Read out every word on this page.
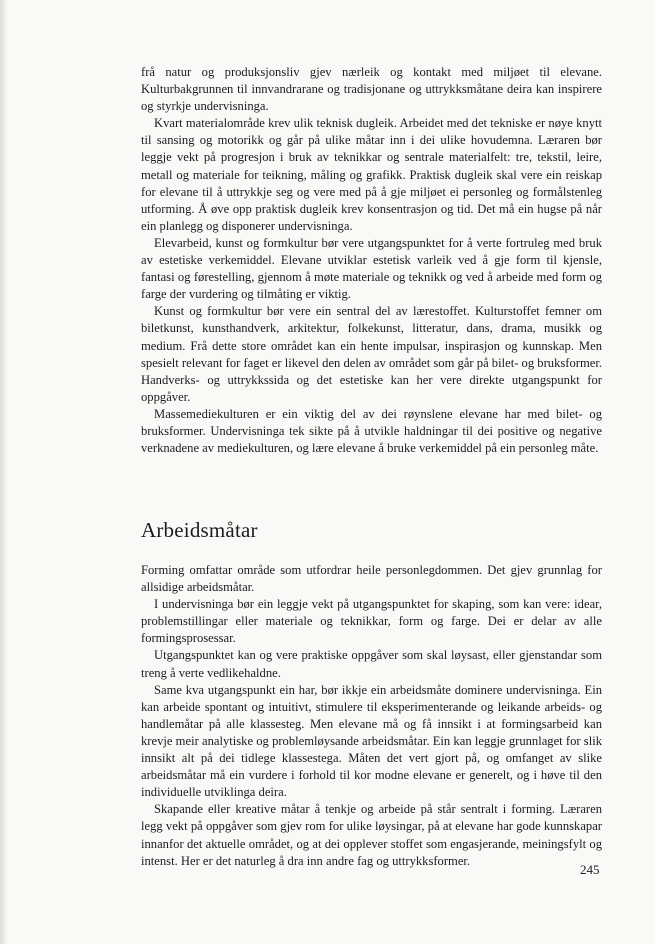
frå natur og produksjonsliv gjev nærleik og kontakt med miljøet til elevane. Kulturbakgrunnen til innvandrarane og tradisjonane og uttrykksmåtane deira kan inspirere og styrkje undervisninga.

Kvart materialområde krev ulik teknisk dugleik. Arbeidet med det tekniske er nøye knytt til sansing og motorikk og går på ulike måtar inn i dei ulike hovudemna. Læraren bør leggje vekt på progresjon i bruk av teknikkar og sentrale materialfelt: tre, tekstil, leire, metall og materiale for teikning, måling og grafikk. Praktisk dugleik skal vere ein reiskap for elevane til å uttrykkje seg og vere med på å gje miljøet ei personleg og formålstenleg utforming. Å øve opp praktisk dugleik krev konsentrasjon og tid. Det må ein hugse på når ein planlegg og disponerer undervisninga.

Elevarbeid, kunst og formkultur bør vere utgangspunktet for å verte fortruleg med bruk av estetiske verkemiddel. Elevane utviklar estetisk varleik ved å gje form til kjensle, fantasi og førestelling, gjennom å møte materiale og teknikk og ved å arbeide med form og farge der vurdering og tilmåting er viktig.

Kunst og formkultur bør vere ein sentral del av lærestoffet. Kulturstoffet femner om biletkunst, kunsthandverk, arkitektur, folkekunst, litteratur, dans, drama, musikk og medium. Frå dette store området kan ein hente impulsar, inspirasjon og kunnskap. Men spesielt relevant for faget er likevel den delen av området som går på bilet- og bruksformer. Handverks- og uttrykkssida og det estetiske kan her vere direkte utgangspunkt for oppgåver.

Massemediekulturen er ein viktig del av dei røynslene elevane har med bilet- og bruksformer. Undervisninga tek sikte på å utvikle haldningar til dei positive og negative verknadene av mediekulturen, og lære elevane å bruke verkemiddel på ein personleg måte.

Arbeidsmåtar

Forming omfattar område som utfordrar heile personlegdommen. Det gjev grunnlag for allsidige arbeidsmåtar.

I undervisninga bør ein leggje vekt på utgangspunktet for skaping, som kan vere: idear, problemstillingar eller materiale og teknikkar, form og farge. Dei er delar av alle formingsprosessar.

Utgangspunktet kan og vere praktiske oppgåver som skal løysast, eller gjenstandar som treng å verte vedlikehaldne.

Same kva utgangspunkt ein har, bør ikkje ein arbeidsmåte dominere undervisninga. Ein kan arbeide spontant og intuitivt, stimulere til eksperimenterande og leikande arbeids- og handlemåtar på alle klassesteg. Men elevane må og få innsikt i at formingsarbeid kan krevje meir analytiske og problemløysande arbeidsmåtar. Ein kan leggje grunnlaget for slik innsikt alt på dei tidlege klassestega. Måten det vert gjort på, og omfanget av slike arbeidsmåtar må ein vurdere i forhold til kor modne elevane er generelt, og i høve til den individuelle utviklinga deira.

Skapande eller kreative måtar å tenkje og arbeide på står sentralt i forming. Læraren legg vekt på oppgåver som gjev rom for ulike løysingar, på at elevane har gode kunnskapar innanfor det aktuelle området, og at dei opplever stoffet som engasjerande, meiningsfylt og intenst. Her er det naturleg å dra inn andre fag og uttrykksformer.

245
